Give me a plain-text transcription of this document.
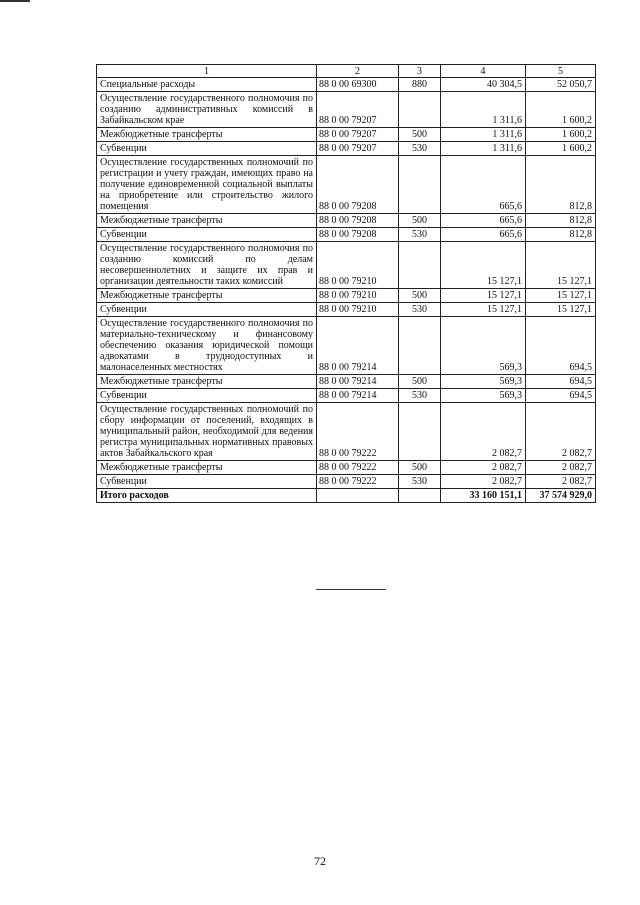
1	2	3	4	5
Специальные расходы	88 0 00 69300	880	40 304,5	52 050,7
Осуществление государственного полномочия по созданию административных комиссий в Забайкальском крае	88 0 00 79207		1 311,6	1 600,2
Межбюджетные трансферты	88 0 00 79207	500	1 311,6	1 600,2
Субвенции	88 0 00 79207	530	1 311,6	1 600,2
Осуществление государственных полномочий по регистрации и учету граждан, имеющих право на получение единовременной социальной выплаты на приобретение или строительство жилого помещения	88 0 00 79208		665,6	812,8
Межбюджетные трансферты	88 0 00 79208	500	665,6	812,8
Субвенции	88 0 00 79208	530	665,6	812,8
Осуществление государственного полномочия по созданию комиссий по делам несовершеннолетних и защите их прав и организации деятельности таких комиссий	88 0 00 79210		15 127,1	15 127,1
Межбюджетные трансферты	88 0 00 79210	500	15 127,1	15 127,1
Субвенции	88 0 00 79210	530	15 127,1	15 127,1
Осуществление государственного полномочия по материально-техническому и финансовому обеспечению оказания юридической помощи адвокатами в труднодоступных и малонаселенных местностях	88 0 00 79214		569,3	694,5
Межбюджетные трансферты	88 0 00 79214	500	569,3	694,5
Субвенции	88 0 00 79214	530	569,3	694,5
Осуществление государственных полномочий по сбору информации от поселений, входящих в муниципальный район, необходимой для ведения регистра муниципальных нормативных правовых актов Забайкальского края	88 0 00 79222		2 082,7	2 082,7
Межбюджетные трансферты	88 0 00 79222	500	2 082,7	2 082,7
Субвенции	88 0 00 79222	530	2 082,7	2 082,7
Итого расходов			33 160 151,1	37 574 929,0
72
